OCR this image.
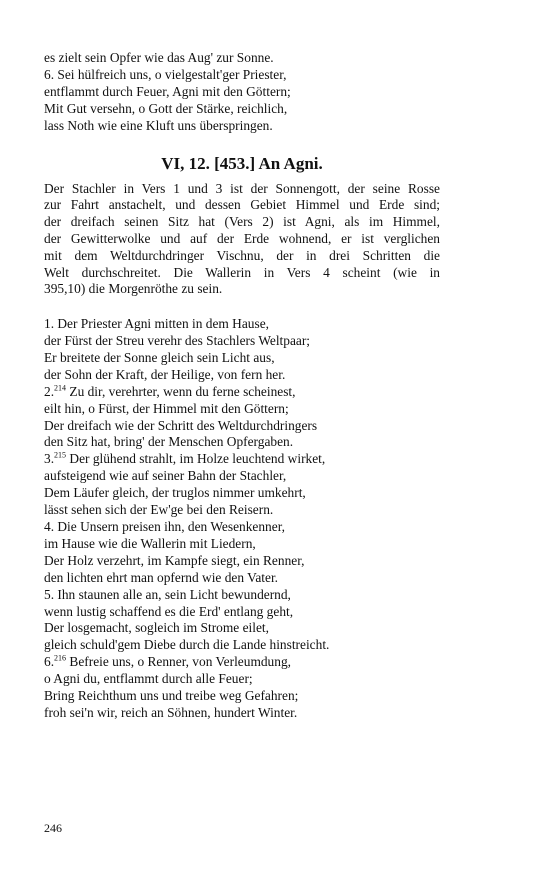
es zielt sein Opfer wie das Aug' zur Sonne.
6. Sei hülfreich uns, o vielgestalt'ger Priester,
entflammt durch Feuer, Agni mit den Göttern;
Mit Gut versehn, o Gott der Stärke, reichlich,
lass Noth wie eine Kluft uns überspringen.
VI, 12. [453.] An Agni.
Der Stachler in Vers 1 und 3 ist der Sonnengott, der seine Rosse
zur Fahrt anstachelt, und dessen Gebiet Himmel und Erde sind;
der dreifach seinen Sitz hat (Vers 2) ist Agni, als im Himmel,
der Gewitterwolke und auf der Erde wohnend, er ist verglichen
mit dem Weltdurchdringer Vischnu, der in drei Schritten die
Welt durchschreitet. Die Wallerin in Vers 4 scheint (wie in
395,10) die Morgenröthe zu sein.
1. Der Priester Agni mitten in dem Hause,
der Fürst der Streu verehr des Stachlers Weltpaar;
Er breitete der Sonne gleich sein Licht aus,
der Sohn der Kraft, der Heilige, von fern her.
2.$^{214}$ Zu dir, verehrter, wenn du ferne scheinest,
eilt hin, o Fürst, der Himmel mit den Göttern;
Der dreifach wie der Schritt des Weltdurchdringers
den Sitz hat, bring' der Menschen Opfergaben.
3.$^{215}$ Der glühend strahlt, im Holze leuchtend wirket,
aufsteigend wie auf seiner Bahn der Stachler,
Dem Läufer gleich, der truglos nimmer umkehrt,
lässt sehen sich der Ew'ge bei den Reisern.
4. Die Unsern preisen ihn, den Wesenkenner,
im Hause wie die Wallerin mit Liedern,
Der Holz verzehrt, im Kampfe siegt, ein Renner,
den lichten ehrt man opfernd wie den Vater.
5. Ihn staunen alle an, sein Licht bewundernd,
wenn lustig schaffend es die Erd' entlang geht,
Der losgemacht, sogleich im Strome eilet,
gleich schuld'gem Diebe durch die Lande hinstreicht.
6.$^{216}$ Befreie uns, o Renner, von Verleumdung,
o Agni du, entflammt durch alle Feuer;
Bring Reichthum uns und treibe weg Gefahren;
froh sei'n wir, reich an Söhnen, hundert Winter.
246
